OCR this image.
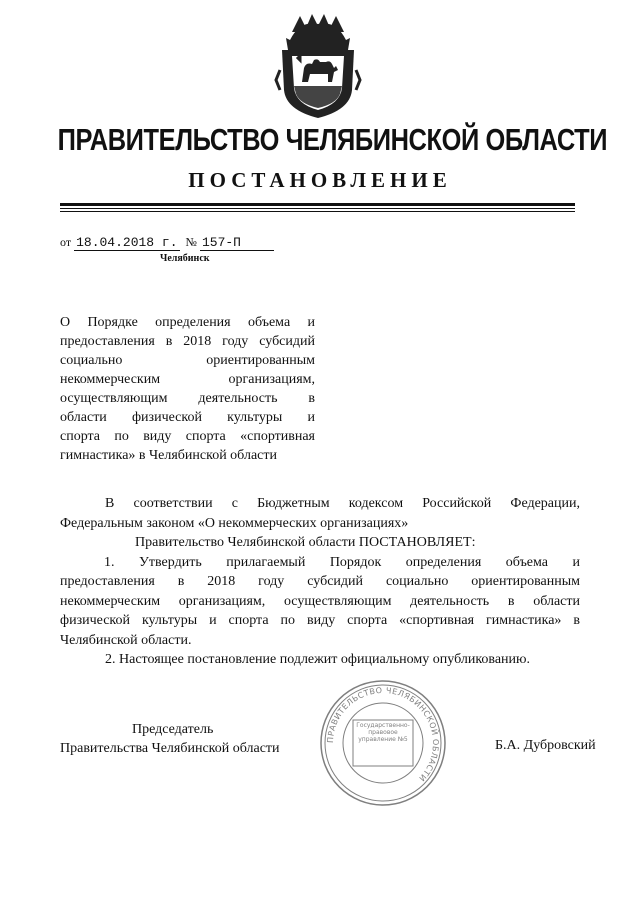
ПРАВИТЕЛЬСТВО ЧЕЛЯБИНСКОЙ ОБЛАСТИ
ПОСТАНОВЛЕНИЕ
от 18.04.2018 г. № 157-П
Челябинск
О Порядке определения объема и
предоставления в 2018 году субсидий
социально ориентированным
некоммерческим организациям,
осуществляющим деятельность в
области физической культуры и
спорта по виду спорта «спортивная
гимнастика» в Челябинской области
В соответствии с Бюджетным кодексом Российской Федерации,
Федеральным законом «О некоммерческих организациях»
Правительство Челябинской области ПОСТАНОВЛЯЕТ:
1. Утвердить прилагаемый Порядок определения объема и
предоставления в 2018 году субсидий социально ориентированным
некоммерческим организациям, осуществляющим деятельность в области
физической культуры и спорта по виду спорта «спортивная гимнастика» в
Челябинской области.
2. Настоящее постановление подлежит официальному опубликованию.
ПРАВИТЕЛЬСТВО ЧЕЛЯБИНСКОЙ ОБЛАСТИ
Государственно-правовое управление №5
Председатель
Правительства Челябинской области	Б.А. Дубровский
